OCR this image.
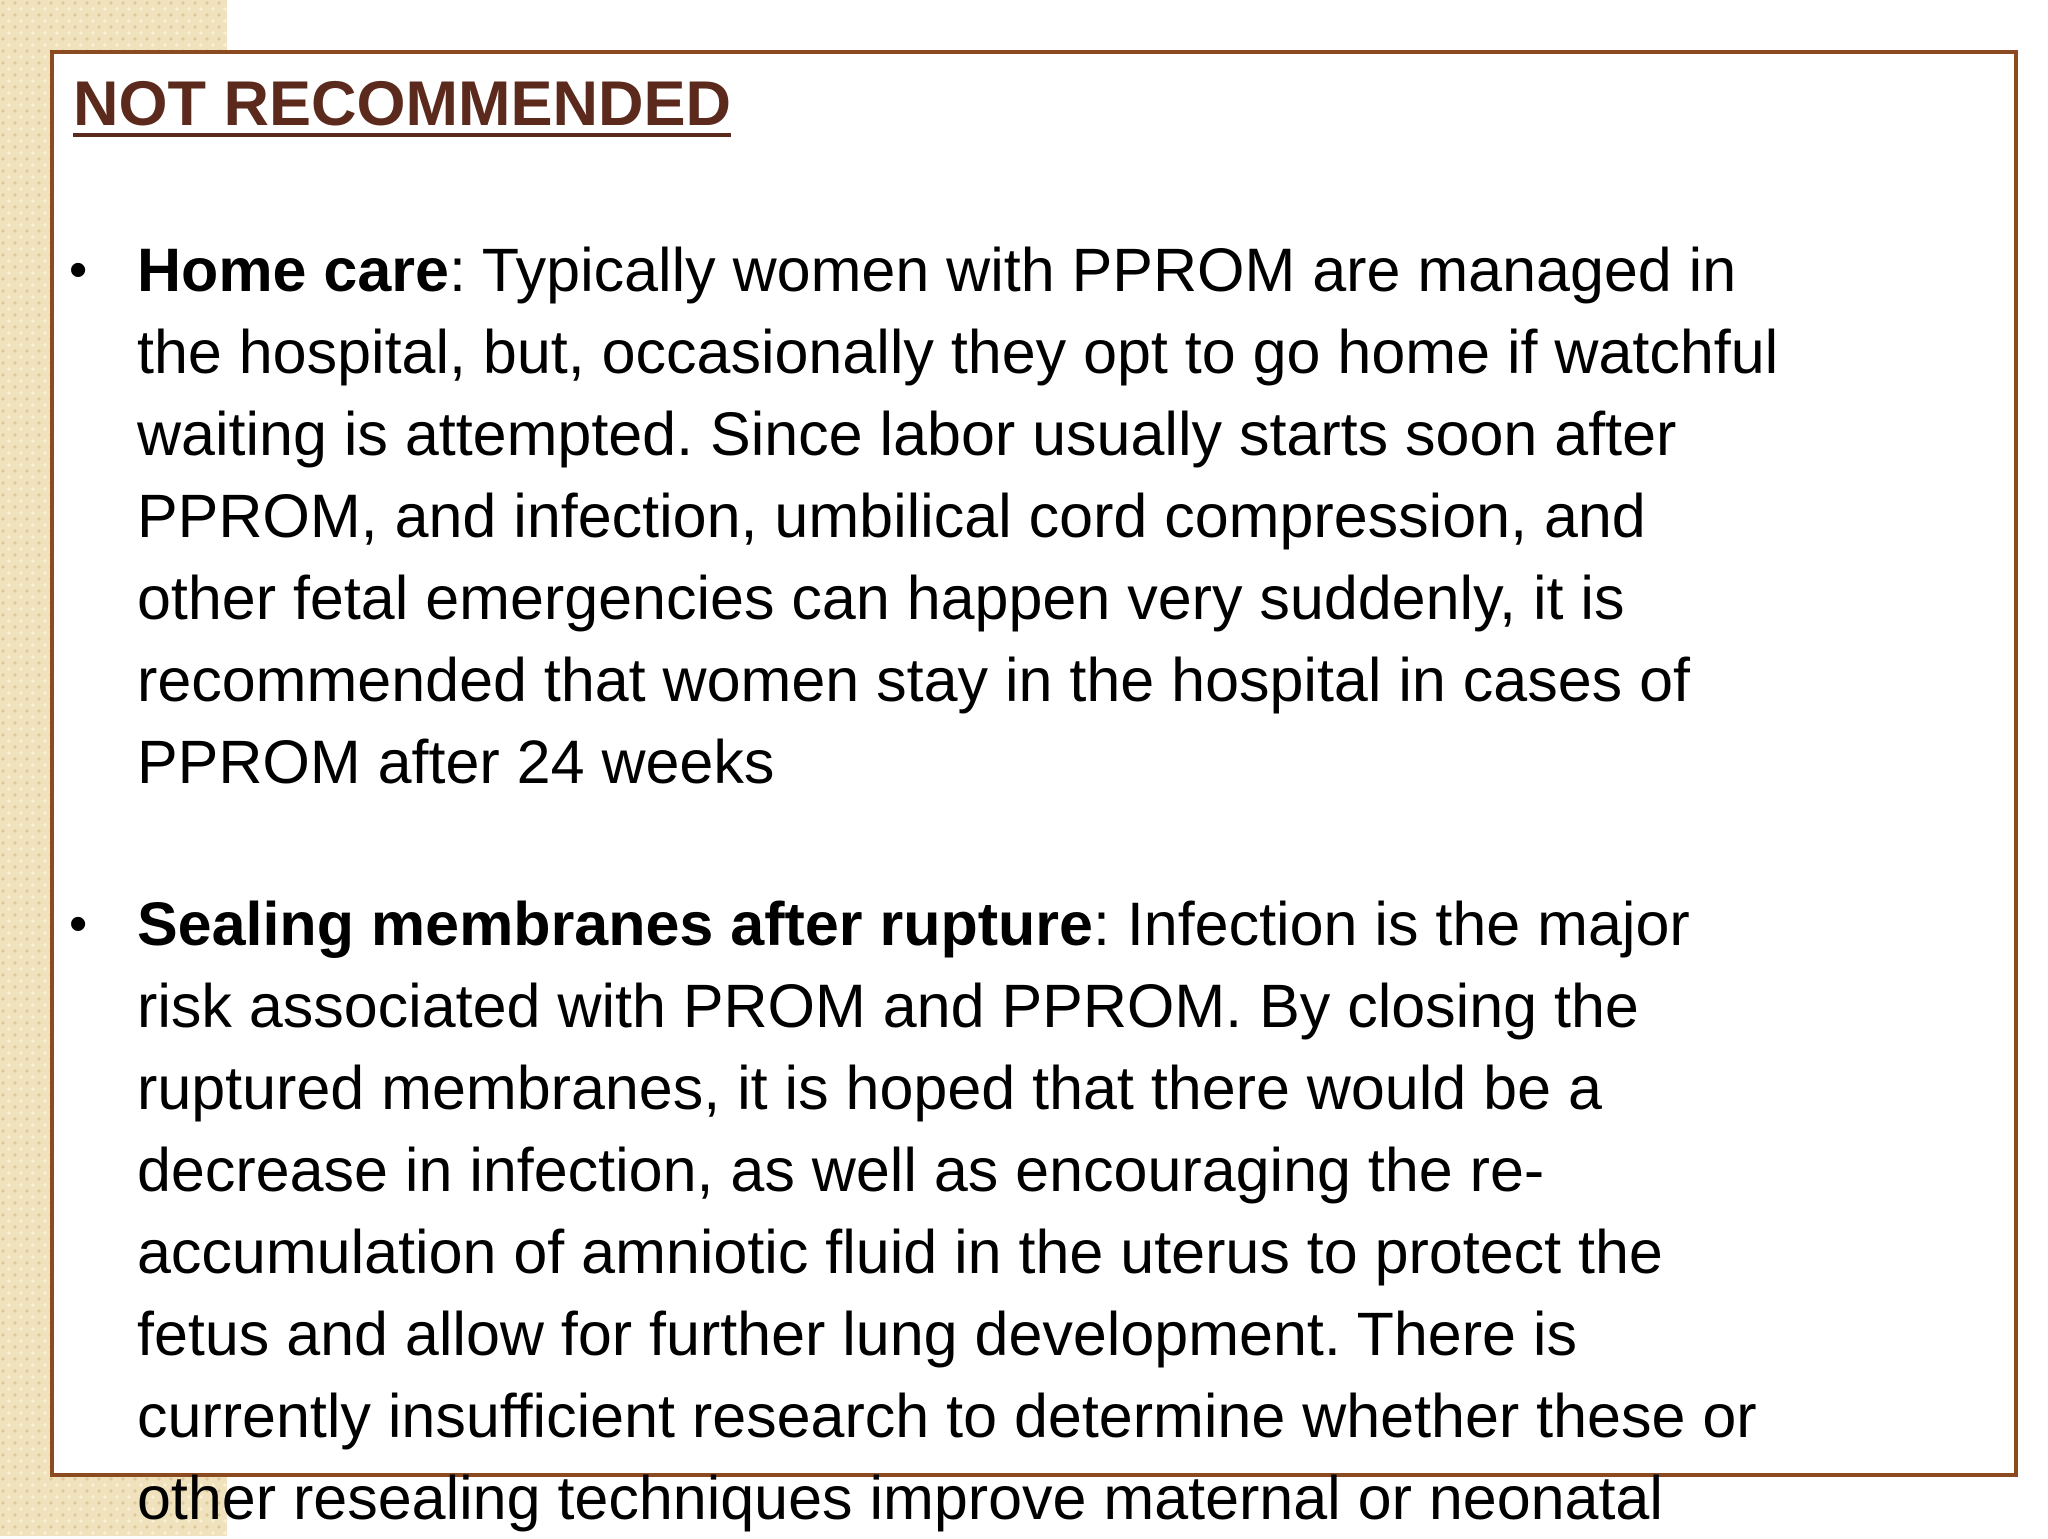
NOT RECOMMENDED
• Home care: Typically women with PPROM are managed in

the hospital, but, occasionally they opt to go home if watchful

waiting is attempted. Since labor usually starts soon after

PPROM, and infection, umbilical cord compression, and

other fetal emergencies can happen very suddenly, it is

recommended that women stay in the hospital in cases of

PPROM after 24 weeks

• Sealing membranes after rupture: Infection is the major

risk associated with PROM and PPROM. By closing the

ruptured membranes, it is hoped that there would be a

decrease in infection, as well as encouraging the re-

accumulation of amniotic fluid in the uterus to protect the

fetus and allow for further lung development. There is

currently insufficient research to determine whether these or

other resealing techniques improve maternal or neonatal
